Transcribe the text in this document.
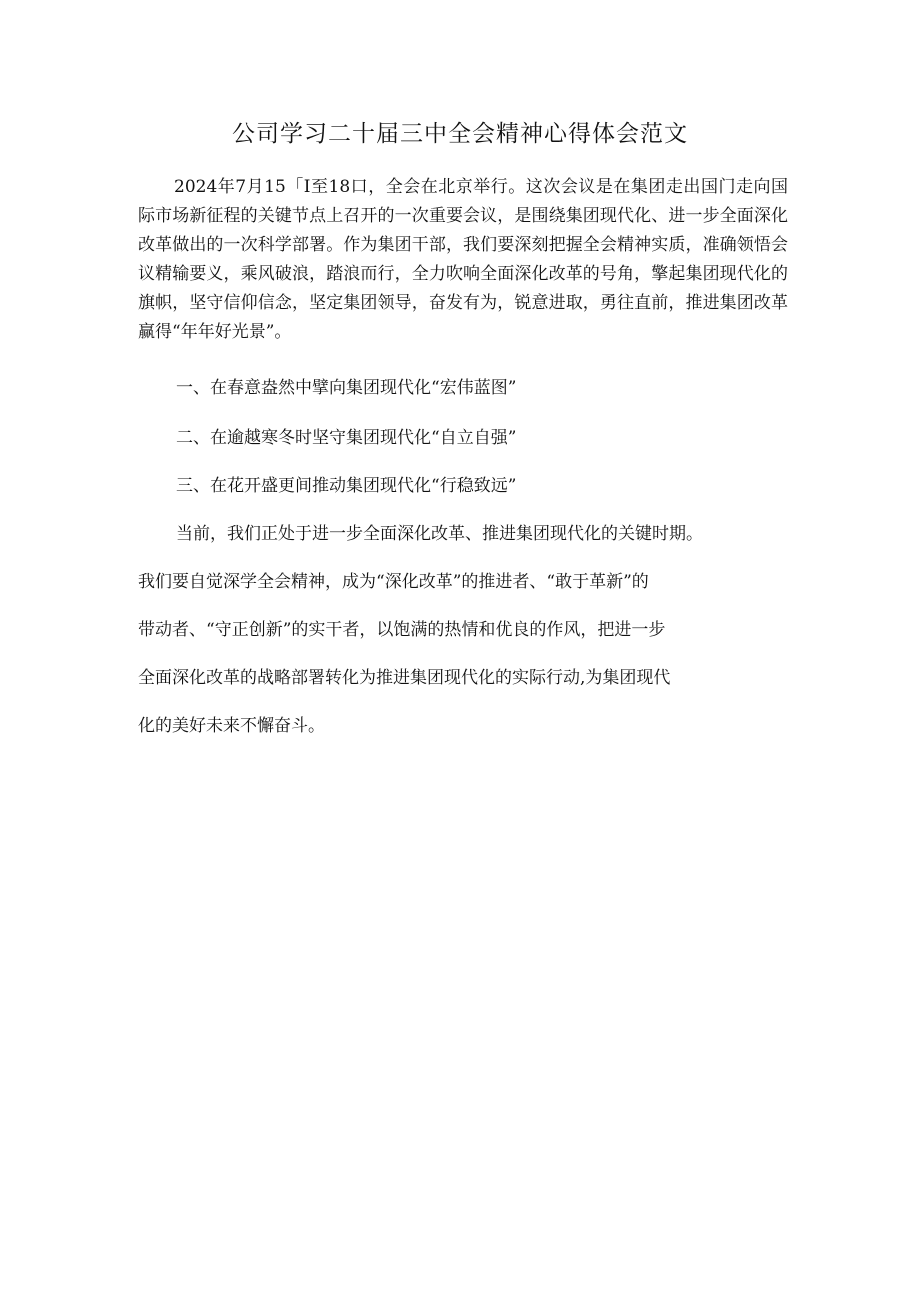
公司学习二十届三中全会精神心得体会范文

2024年7月15「I至18口，全会在北京举行。这次会议是在集团走出国门走向国际市场新征程的关键节点上召开的一次重要会议，是围绕集团现代化、进一步全面深化改革做出的一次科学部署。作为集团干部，我们要深刻把握全会精神实质，准确领悟会议精输要义，乘风破浪，踏浪而行，全力吹响全面深化改革的号角，擎起集团现代化的旗帜，坚守信仰信念，坚定集团领导，奋发有为，锐意进取，勇往直前，推进集团改革赢得“年年好光景”。

一、在春意盎然中擘向集团现代化“宏伟蓝图”
二、在逾越寒冬时坚守集团现代化“自立自强”
三、在花开盛更间推动集团现代化“行稳致远”
当前，我们正处于进一步全面深化改革、推进集团现代化的关键时期。
我们要自觉深学全会精神，成为“深化改革”的推进者、“敢于革新”的
带动者、“守正创新”的实干者，以饱满的热情和优良的作风，把进一步
全面深化改革的战略部署转化为推进集团现代化的实际行动,为集团现代
化的美好未来不懈奋斗。
